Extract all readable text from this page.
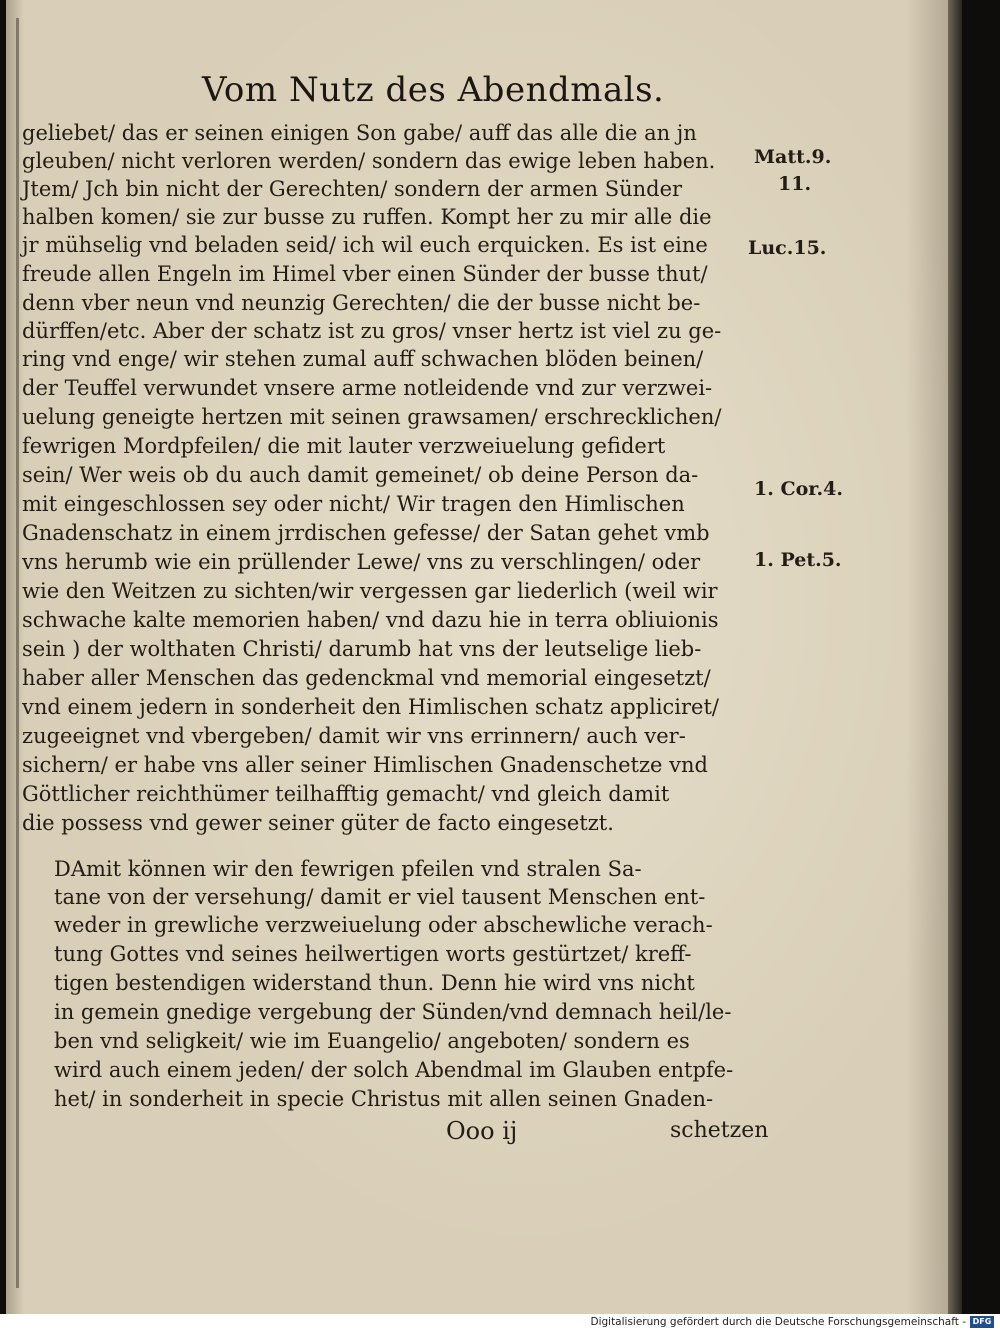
Vom Nutz des Abendmals.
geliebet/ das er seinen einigen Son gabe/ auff das alle die an jn
gleuben/ nicht verloren werden/ sondern das ewige leben haben.
Jtem/ Jch bin nicht der Gerechten/ sondern der armen Sünder
halben komen/ sie zur busse zu ruffen. Kompt her zu mir alle die
jr mühselig vnd beladen seid/ ich wil euch erquicken. Es ist eine
freude allen Engeln im Himel vber einen Sünder der busse thut/
denn vber neun vnd neunzig Gerechten/ die der busse nicht be-
dürffen/etc. Aber der schatz ist zu gros/ vnser hertz ist viel zu ge-
ring vnd enge/ wir stehen zumal auff schwachen blöden beinen/
der Teuffel verwundet vnsere arme notleidende vnd zur verzwei-
uelung geneigte hertzen mit seinen grawsamen/ erschrecklichen/
fewrigen Mordpfeilen/ die mit lauter verzweiuelung gefidert
sein/ Wer weis ob du auch damit gemeinet/ ob deine Person da-
mit eingeschlossen sey oder nicht/ Wir tragen den Himlischen
Gnadenschatz in einem jrrdischen gefesse/ der Satan gehet vmb
vns herumb wie ein prüllender Lewe/ vns zu verschlingen/ oder
wie den Weitzen zu sichten/wir vergessen gar liederlich (weil wir
schwache kalte memorien haben/ vnd dazu hie in terra obliuionis
sein ) der wolthaten Christi/ darumb hat vns der leutselige lieb-
haber aller Menschen das gedenckmal vnd memorial eingesetzt/
vnd einem jedern in sonderheit den Himlischen schatz appliciret/
zugeeignet vnd vbergeben/ damit wir vns errinnern/ auch ver-
sichern/ er habe vns aller seiner Himlischen Gnadenschetze vnd
Göttlicher reichthümer teilhafftig gemacht/ vnd gleich damit
die possess vnd gewer seiner güter de facto eingesetzt.
DAmit können wir den fewrigen pfeilen vnd stralen Sa-
tane von der versehung/ damit er viel tausent Menschen ent-
weder in grewliche verzweiuelung oder abschewliche verach-
tung Gottes vnd seines heilwertigen worts gestürtzet/ kreff-
tigen bestendigen widerstand thun. Denn hie wird vns nicht
in gemein gnedige vergebung der Sünden/vnd demnach heil/le-
ben vnd seligkeit/ wie im Euangelio/ angeboten/ sondern es
wird auch einem jeden/ der solch Abendmal im Glauben entpfe-
het/ in sonderheit in specie Christus mit allen seinen Gnaden-
Matt.9.
11.
Luc.15.
1. Cor.4.
1. Pet.5.
Ooo ij	schetzen
Digitalisierung gefördert durch die Deutsche Forschungsgemeinschaft - DFG
